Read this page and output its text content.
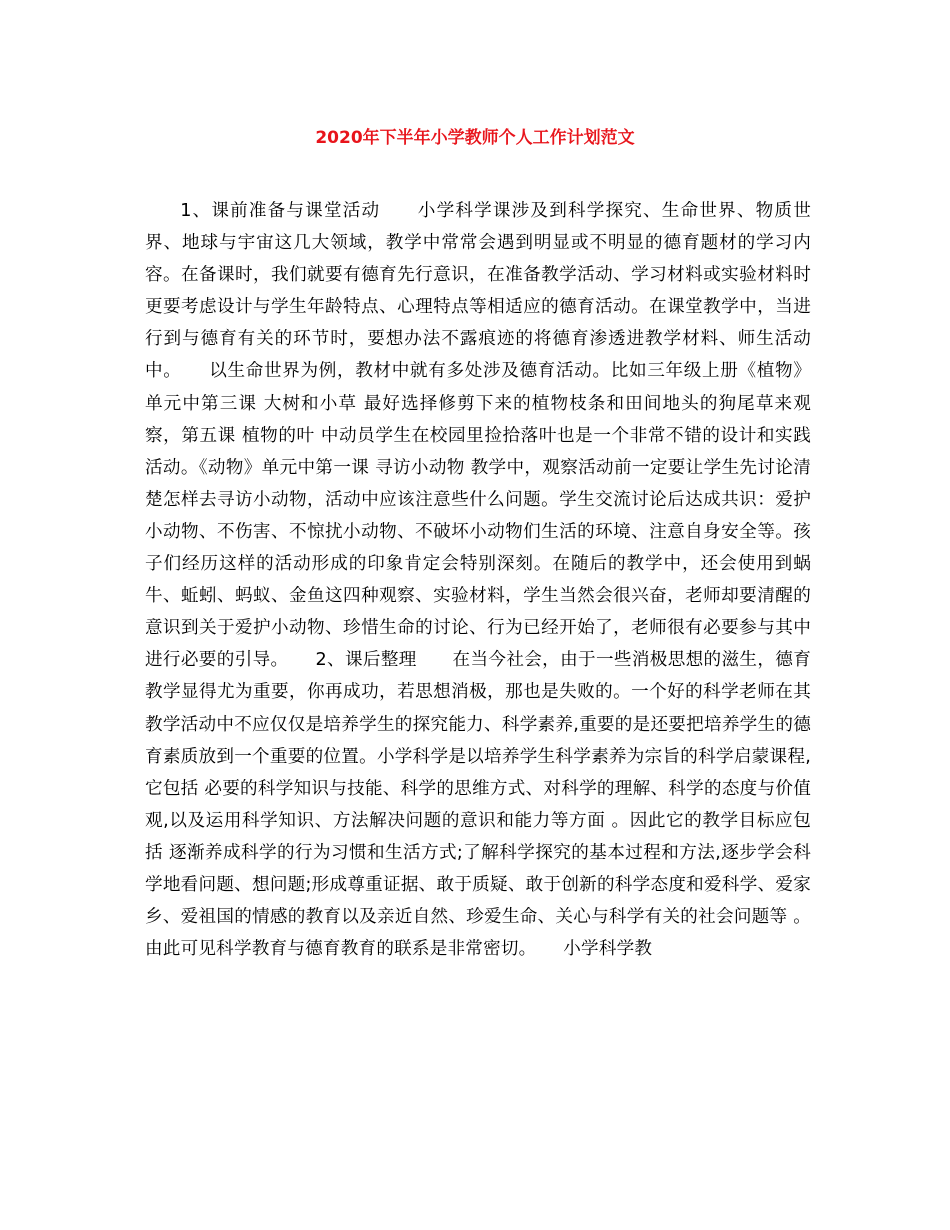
2020年下半年小学教师个人工作计划范文

1、课前准备与课堂活动　　小学科学课涉及到科学探究、生命世界、物质世界、地球与宇宙这几大领域，教学中常常会遇到明显或不明显的德育题材的学习内容。在备课时，我们就要有德育先行意识，在准备教学活动、学习材料或实验材料时更要考虑设计与学生年龄特点、心理特点等相适应的德育活动。在课堂教学中，当进行到与德育有关的环节时，要想办法不露痕迹的将德育渗透进教学材料、师生活动中。　　以生命世界为例，教材中就有多处涉及德育活动。比如三年级上册《植物》单元中第三课 大树和小草 最好选择修剪下来的植物枝条和田间地头的狗尾草来观察，第五课 植物的叶 中动员学生在校园里捡拾落叶也是一个非常不错的设计和实践活动。《动物》单元中第一课 寻访小动物 教学中，观察活动前一定要让学生先讨论清楚怎样去寻访小动物，活动中应该注意些什么问题。学生交流讨论后达成共识：爱护小动物、不伤害、不惊扰小动物、不破坏小动物们生活的环境、注意自身安全等。孩子们经历这样的活动形成的印象肯定会特别深刻。在随后的教学中，还会使用到蜗牛、蚯蚓、蚂蚁、金鱼这四种观察、实验材料，学生当然会很兴奋，老师却要清醒的意识到关于爱护小动物、珍惜生命的讨论、行为已经开始了，老师很有必要参与其中进行必要的引导。　　2、课后整理　　在当今社会，由于一些消极思想的滋生，德育教学显得尤为重要，你再成功，若思想消极，那也是失败的。一个好的科学老师在其教学活动中不应仅仅是培养学生的探究能力、科学素养,重要的是还要把培养学生的德育素质放到一个重要的位置。小学科学是以培养学生科学素养为宗旨的科学启蒙课程,它包括 必要的科学知识与技能、科学的思维方式、对科学的理解、科学的态度与价值观,以及运用科学知识、方法解决问题的意识和能力等方面 。因此它的教学目标应包括 逐渐养成科学的行为习惯和生活方式;了解科学探究的基本过程和方法,逐步学会科学地看问题、想问题;形成尊重证据、敢于质疑、敢于创新的科学态度和爱科学、爱家乡、爱祖国的情感的教育以及亲近自然、珍爱生命、关心与科学有关的社会问题等 。由此可见科学教育与德育教育的联系是非常密切。　　小学科学教
